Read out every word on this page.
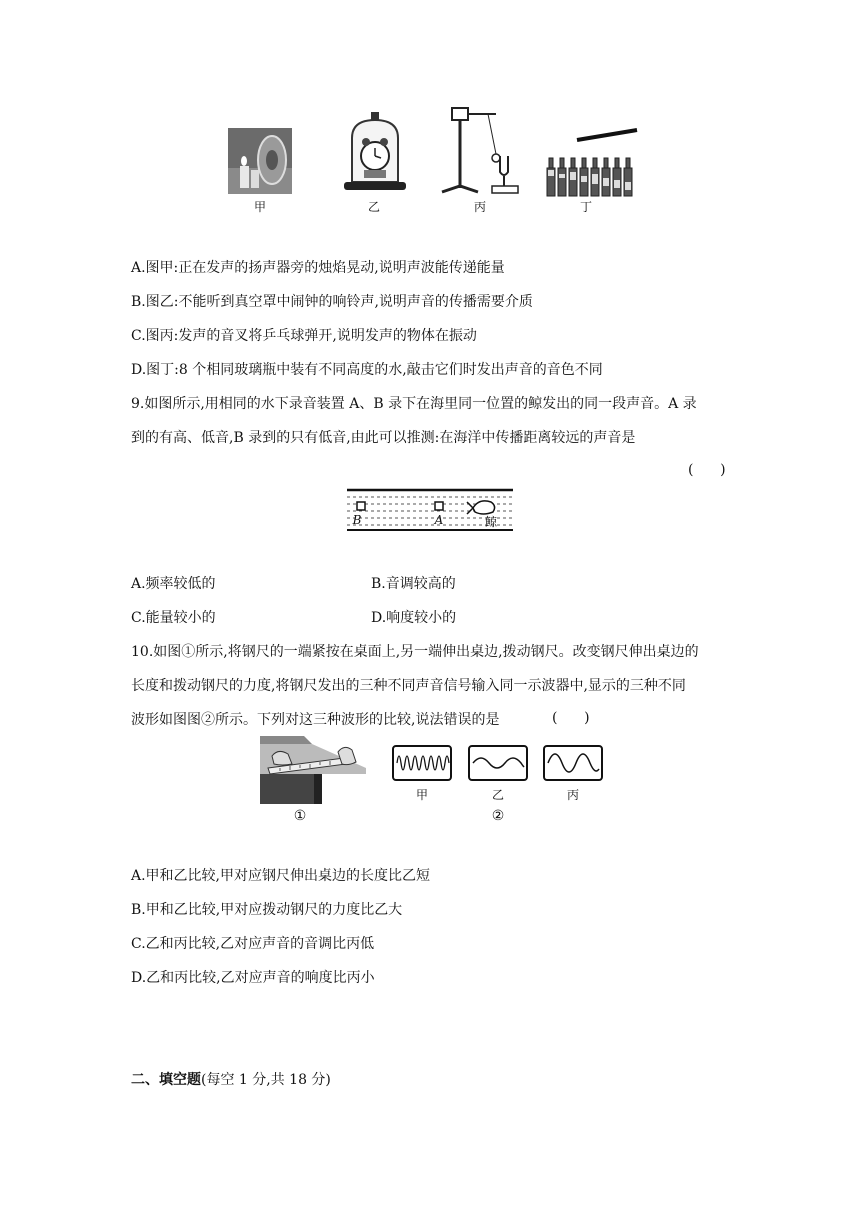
甲	乙	丙	丁
A.图甲:正在发声的扬声器旁的烛焰晃动,说明声波能传递能量
B.图乙:不能听到真空罩中闹钟的响铃声,说明声音的传播需要介质
C.图丙:发声的音叉将乒乓球弹开,说明发声的物体在振动
D.图丁:8 个相同玻璃瓶中装有不同高度的水,敲击它们时发出声音的音色不同
9.如图所示,用相同的水下录音装置 A、B 录下在海里同一位置的鲸发出的同一段声音。A 录
到的有高、低音,B 录到的只有低音,由此可以推测:在海洋中传播距离较远的声音是
(      )
B	A	鲸
A.频率较低的	B.音调较高的
C.能量较小的	D.响度较小的
10.如图①所示,将钢尺的一端紧按在桌面上,另一端伸出桌边,拨动钢尺。改变钢尺伸出桌边的
长度和拨动钢尺的力度,将钢尺发出的三种不同声音信号输入同一示波器中,显示的三种不同
波形如图图②所示。下列对这三种波形的比较,说法错误的是	(      )
①
甲	乙	丙
②
A.甲和乙比较,甲对应钢尺伸出桌边的长度比乙短
B.甲和乙比较,甲对应拨动钢尺的力度比乙大
C.乙和丙比较,乙对应声音的音调比丙低
D.乙和丙比较,乙对应声音的响度比丙小
二、填空题(每空 1 分,共 18 分)
